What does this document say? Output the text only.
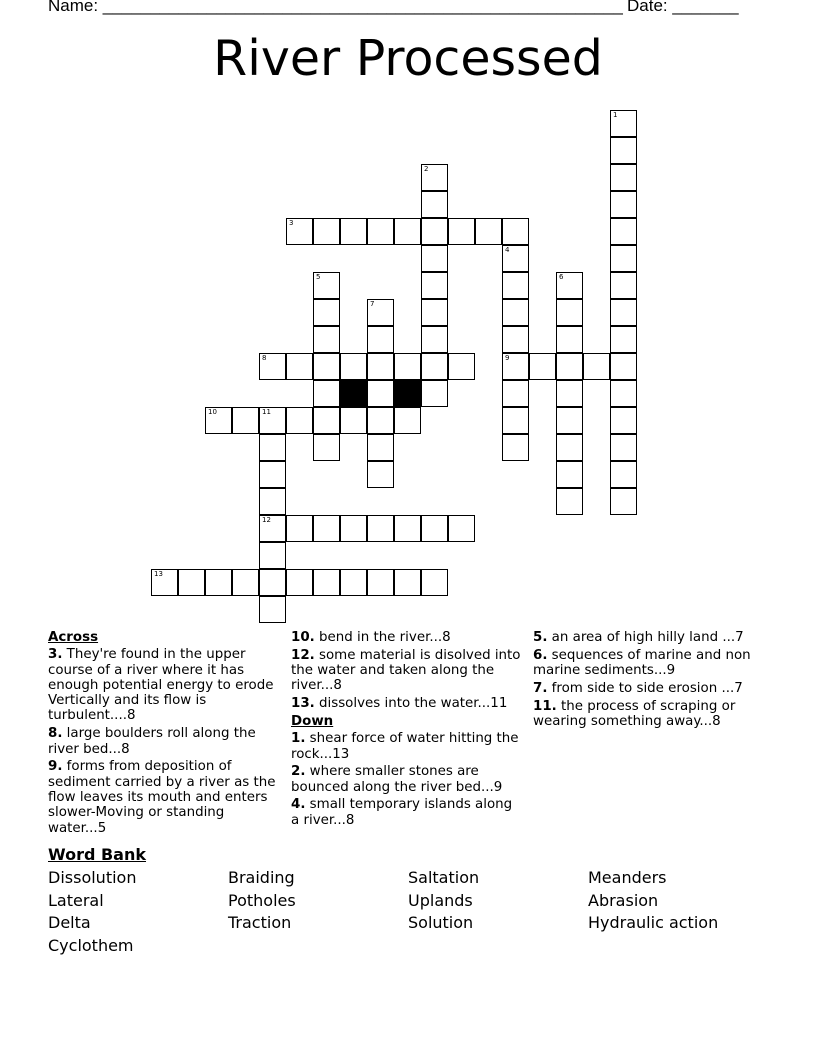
Name: _______________________________________________________ Date: _______
River Processed
1
2
3
4
9
5	6
7
8
10	11
12
13
Across
3. They're found in the upper course of a river where it has enough potential energy to erode Vertically and its flow is turbulent....8
8. large boulders roll along the river bed...8
9. forms from deposition of sediment carried by a river as the flow leaves its mouth and enters slower-Moving or standing water...5
10. bend in the river...8
12. some material is disolved into the water and taken along the river...8
13. dissolves into the water...11
Down
1. shear force of water hitting the rock...13
2. where smaller stones are bounced along the river bed...9
4. small temporary islands along a river...8
5. an area of high hilly land ...7
6. sequences of marine and non marine sediments...9
7. from side to side erosion ...7
11. the process of scraping or wearing something away...8
Word Bank
Dissolution	Braiding	Saltation	Meanders
Lateral	Potholes	Uplands	Abrasion
Delta	Traction	Solution	Hydraulic action
Cyclothem
